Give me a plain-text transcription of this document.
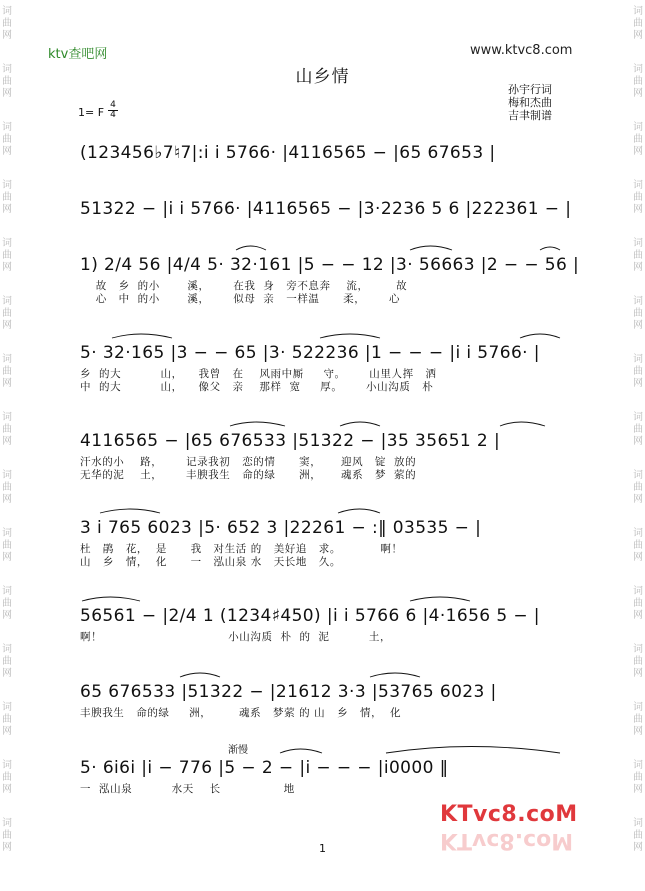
词
曲
网
词
曲
网
词
曲
网
词
曲
网
词
曲
网
词
曲
网
词
曲
网
词
曲
网
词
曲
网
词
曲
网
词
曲
网
词
曲
网
词
曲
网
词
曲
网
词
曲
网
词
曲
网
词
曲
网
词
曲
网
词
曲
网
词
曲
网
词
曲
网
词
曲
网
词
曲
网
词
曲
网
词
曲
网
词
曲
网
词
曲
网
词
曲
网
词
曲
网
词
曲
网
ktv查吧网	www.ktvc8.com
山乡情
孙宇行词
梅和杰曲
吉聿制谱
1= F
4
4
(123456♭7♮7|:i i 5766· |4116565 − |65 67653 |
51322 − |i i 5766· |4116565 − |3·2236 5 6 |222361 − |
1) 2/4 56 |4/4 5· 32·161 |5 − − 12 |3· 56663 |2 − − 56 |
故   乡  的小       溪，      在我  身   旁不息奔    流，       故
心   中  的小       溪，      似母  亲   一样温      柔，      心
5· 32·165 |3 − − 65 |3· 522236 |1 − − − |i i 5766· |
乡  的大          山，    我曾   在    风雨中厮     守。      山里人挥   洒
中  的大          山，    像父   亲    那样  宽     厚。      小山沟质   朴
4116565 − |65 676533 |51322 − |35 35651 2 |
汗水的小    路，      记录我初   恋的情      窦，     迎风   锭  放的
无华的泥    土，      丰腴我生   命的绿      洲，     魂系   梦  萦的
3 i 765 6023 |5· 652 3 |22261 − :‖ 03535 − |
杜   鹃   花，  是      我   对生活 的   美好追   求。          啊！
山   乡   情，  化      一   泓山泉 水   天长地   久。
56561 − |2/4 1 (1234♯450) |i i 5766 6 |4·1656 5 − |
啊！                                小山沟质  朴  的  泥          土，
65 676533 |51322 − |21612 3·3 |53765 6023 |
丰腴我生   命的绿     洲，       魂系   梦萦 的 山   乡   情，  化
渐慢
5· 6i6i |i − 776 |5 − 2 − |i − − − |i0000 ‖
一  泓山泉          水天    长                地
1
KTvc8.coM
KTvc8.coM
